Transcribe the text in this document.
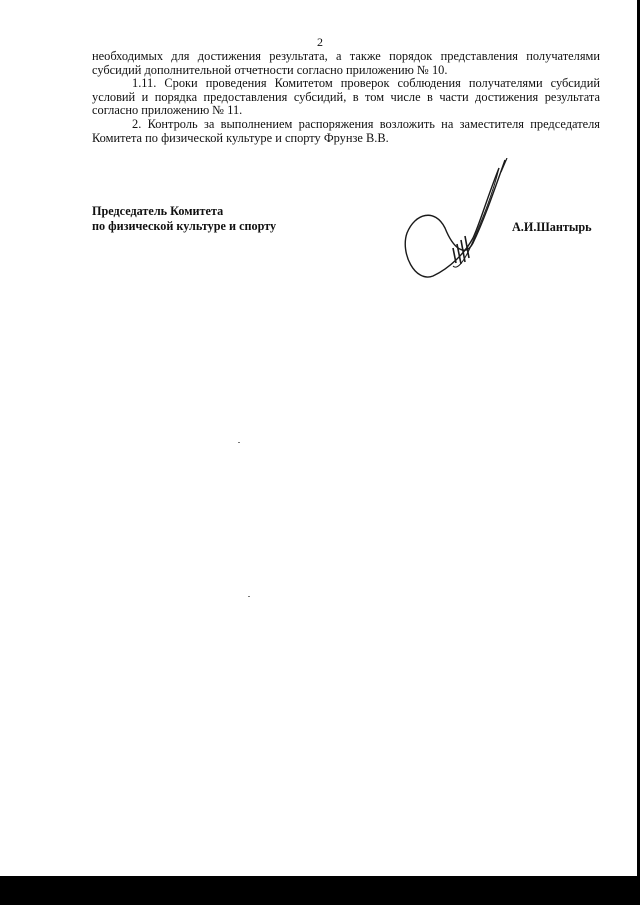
2

необходимых для достижения результата, а также порядок представления получателями субсидий дополнительной отчетности согласно приложению № 10.

1.11. Сроки проведения Комитетом проверок соблюдения получателями субсидий условий и порядка предоставления субсидий, в том числе в части достижения результата согласно приложению № 11.

2. Контроль за выполнением распоряжения возложить на заместителя председателя Комитета по физической культуре и спорту Фрунзе В.В.

Председатель Комитета
по физической культуре и спорту	А.И.Шантырь
